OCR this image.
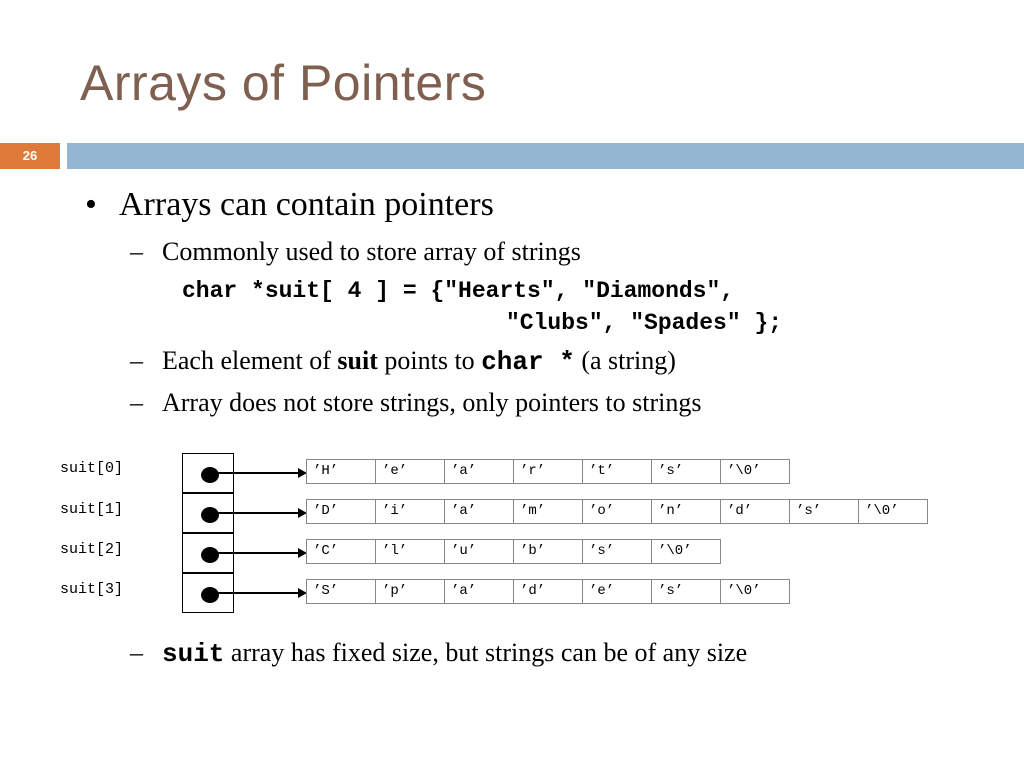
Arrays of Pointers
26
• Arrays can contain pointers
– Commonly used to store array of strings
char *suit[ 4 ] = {"Hearts", "Diamonds",
"Clubs", "Spades" };
– Each element of suit points to char * (a string)
– Array does not store strings, only pointers to strings
suit[0]
suit[1]
suit[2]
suit[3]
’H’	’e’	’a’	’r’	’t’	’s’	’\0’
’D’	’i’	’a’	’m’	’o’	’n’	’d’	’s’	’\0’
’C’	’l’	’u’	’b’	’s’	’\0’
’S’	’p’	’a’	’d’	’e’	’s’	’\0’
– suit array has fixed size, but strings can be of any size
